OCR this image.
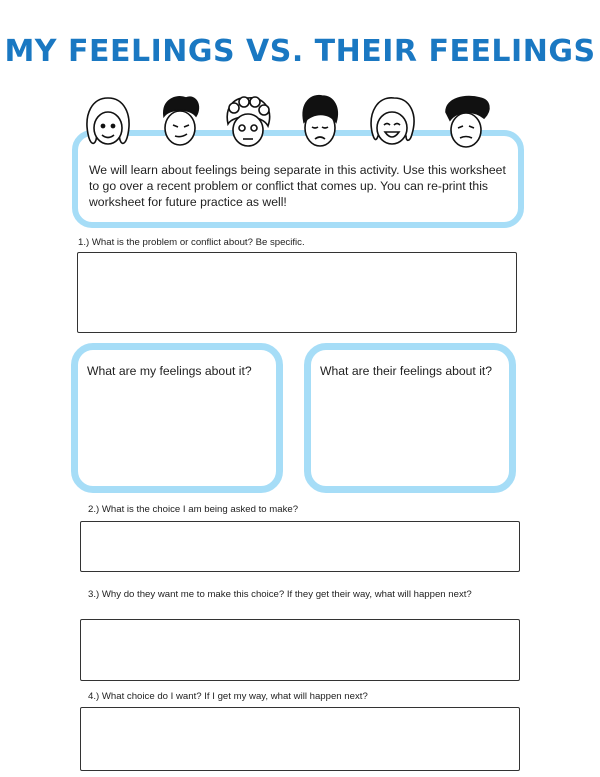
MY FEELINGS VS. THEIR FEELINGS

We will learn about feelings being separate in this activity. Use this worksheet to go over a recent problem or conflict that comes up. You can re-print this worksheet for future practice as well!

1.) What is the problem or conflict about? Be specific.

What are my feelings about it?	What are their feelings about it?

2.) What is the choice I am being asked to make?

3.) Why do they want me to make this choice? If they get their way, what will happen next?

4.) What choice do I want? If I get my way, what will happen next?
